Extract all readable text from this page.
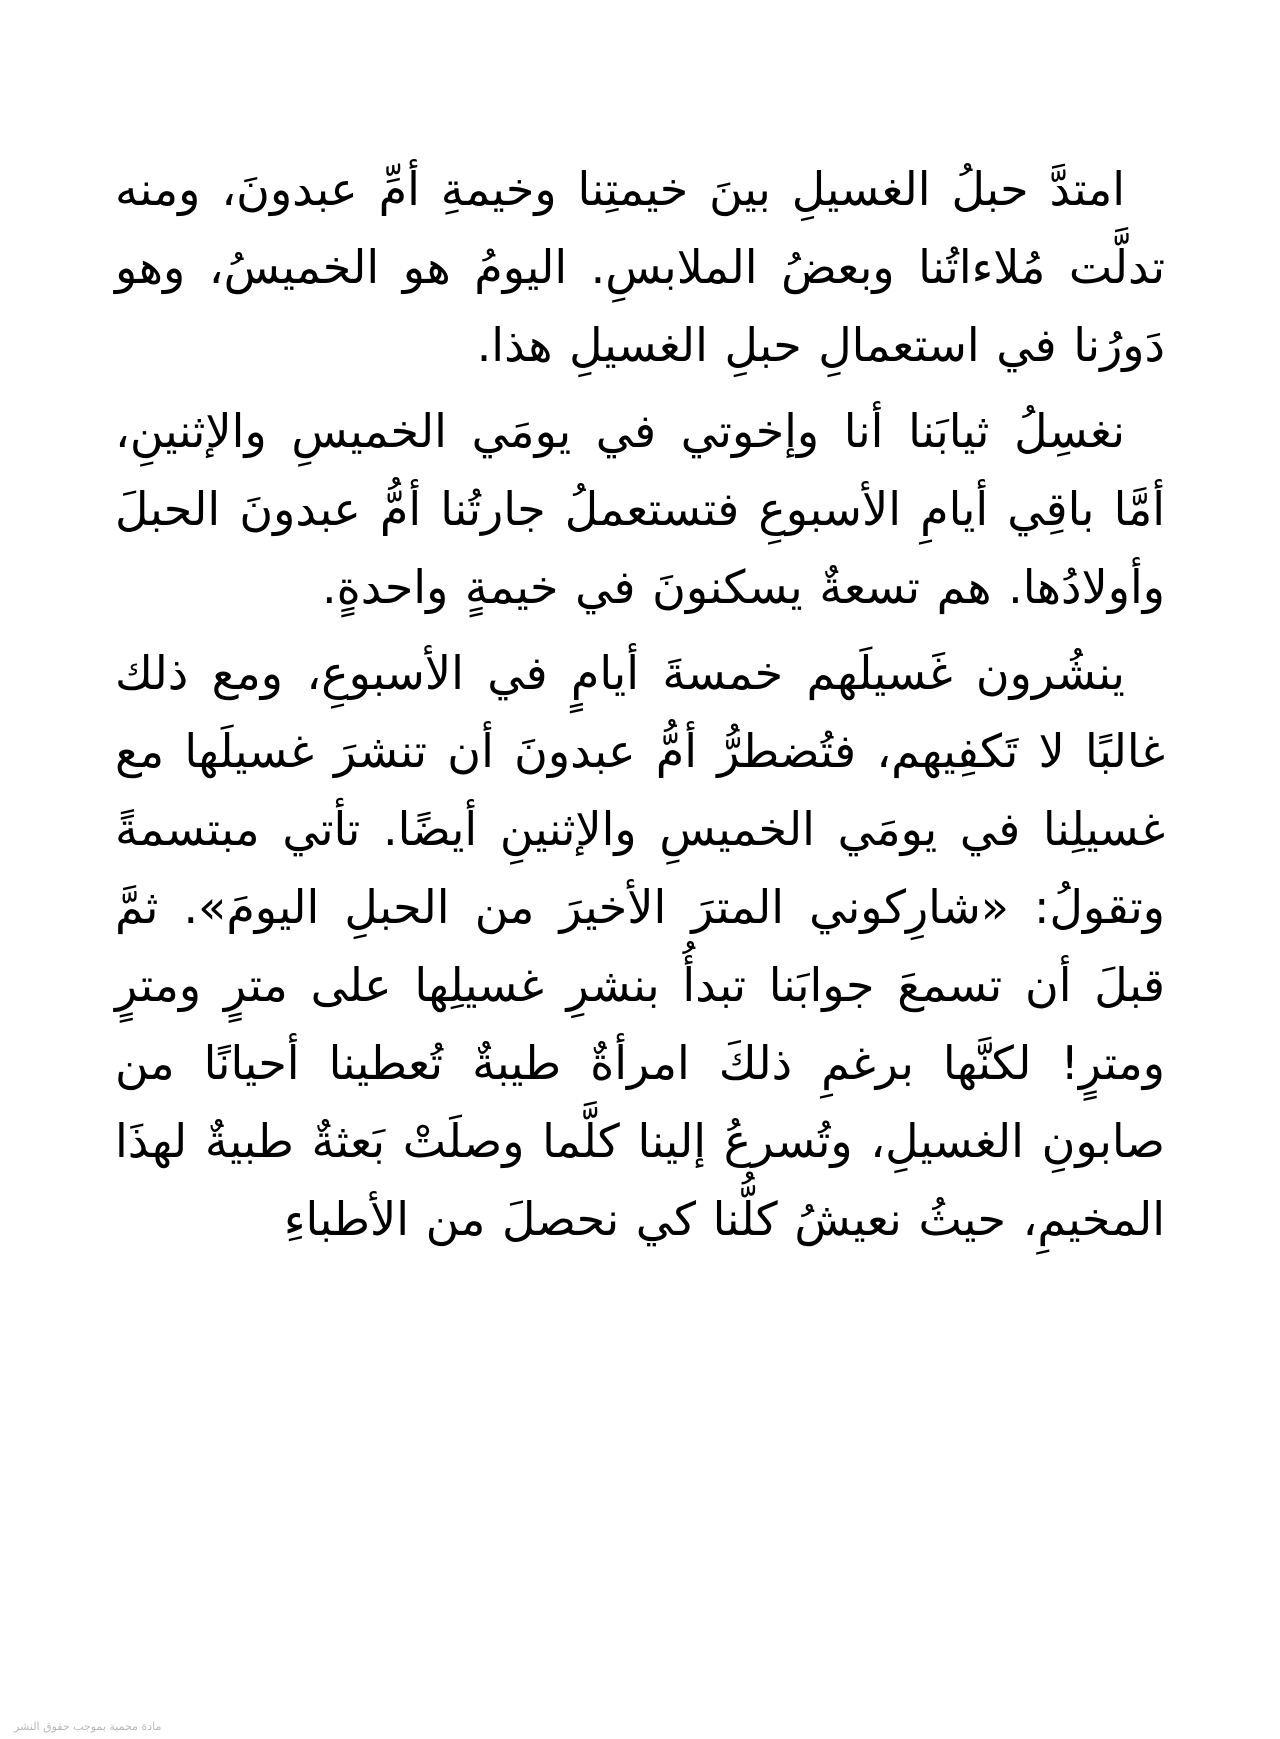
امتدَّ حبلُ الغسيلِ بينَ خيمتِنا وخيمةِ أمِّ عبدونَ، ومنه تدلَّت مُلاءاتُنا وبعضُ الملابسِ. اليومُ هو الخميسُ، وهو دَورُنا في استعمالِ حبلِ الغسيلِ هذا.

نغسِلُ ثيابَنا أنا وإخوتي في يومَي الخميسِ والإثنينِ، أمَّا باقِي أيامِ الأسبوعِ فتستعملُ جارتُنا أمُّ عبدونَ الحبلَ وأولادُها. هم تسعةٌ يسكنونَ في خيمةٍ واحدةٍ.

ينشُرون غَسيلَهم خمسةَ أيامٍ في الأسبوعِ، ومع ذلك غالبًا لا تَكفِيهم، فتُضطرُّ أمُّ عبدونَ أن تنشرَ غسيلَها مع غسيلِنا في يومَي الخميسِ والإثنينِ أيضًا. تأتي مبتسمةً وتقولُ: «شارِكوني المترَ الأخيرَ من الحبلِ اليومَ». ثمَّ قبلَ أن تسمعَ جوابَنا تبدأُ بنشرِ غسيلِها على مترٍ ومترٍ ومترٍ! لكنَّها برغمِ ذلكَ امرأةٌ طيبةٌ تُعطينا أحيانًا من صابونِ الغسيلِ، وتُسرعُ إلينا كلَّما وصلَتْ بَعثةٌ طبيةٌ لهذَا المخيمِ، حيثُ نعيشُ كلُّنا كي نحصلَ من الأطباءِ

مادة محمية بموجب حقوق النشر
